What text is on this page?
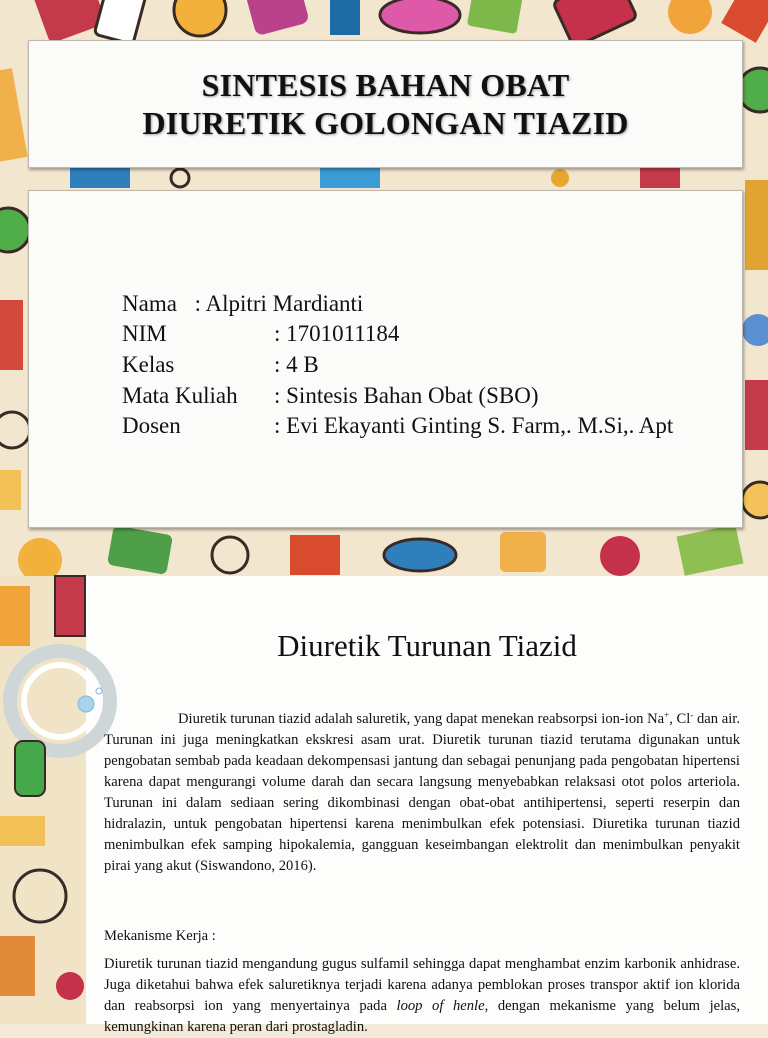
SINTESIS BAHAN OBAT
DIURETIK GOLONGAN TIAZID
Nama : Alpitri Mardianti
NIM	: 1701011184
Kelas	: 4 B
Mata Kuliah : Sintesis Bahan Obat (SBO)
Dosen	: Evi Ekayanti Ginting S. Farm,. M.Si,. Apt
Diuretik Turunan Tiazid

Diuretik turunan tiazid adalah saluretik, yang dapat menekan reabsorpsi ion-ion Na+, Cl- dan air. Turunan ini juga meningkatkan ekskresi asam urat. Diuretik turunan tiazid terutama digunakan untuk pengobatan sembab pada keadaan dekompensasi jantung dan sebagai penunjang pada pengobatan hipertensi karena dapat mengurangi volume darah dan secara langsung menyebabkan relaksasi otot polos arteriola. Turunan ini dalam sediaan sering dikombinasi dengan obat-obat antihipertensi, seperti reserpin dan hidralazin, untuk pengobatan hipertensi karena menimbulkan efek potensiasi. Diuretika turunan tiazid menimbulkan efek samping hipokalemia, gangguan keseimbangan elektrolit dan menimbulkan penyakit pirai yang akut (Siswandono, 2016).

Mekanisme Kerja :

Diuretik turunan tiazid mengandung gugus sulfamil sehingga dapat menghambat enzim karbonik anhidrase. Juga diketahui bahwa efek saluretiknya terjadi karena adanya pemblokan proses transpor aktif ion klorida dan reabsorpsi ion yang menyertainya pada loop of henle, dengan mekanisme yang belum jelas, kemungkinan karena peran dari prostagladin.
